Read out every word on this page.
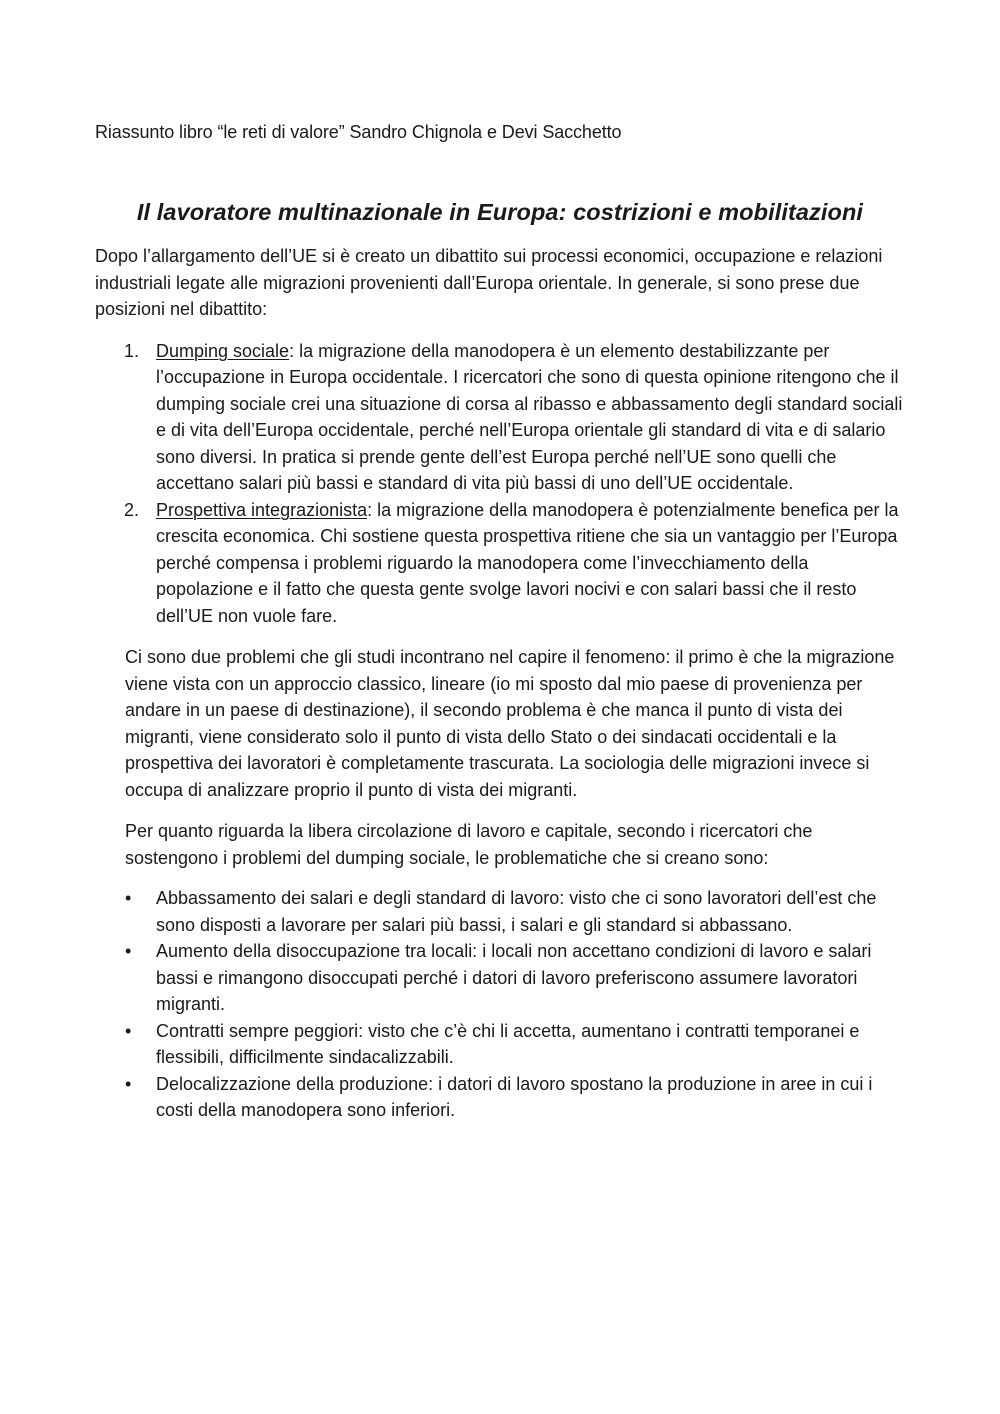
Riassunto libro “le reti di valore” Sandro Chignola e Devi Sacchetto
Il lavoratore multinazionale in Europa: costrizioni e mobilitazioni

Dopo l’allargamento dell’UE si è creato un dibattito sui processi economici, occupazione e relazioni industriali legate alle migrazioni provenienti dall’Europa orientale. In generale, si sono prese due posizioni nel dibattito:

1. Dumping sociale: la migrazione della manodopera è un elemento destabilizzante per l’occupazione in Europa occidentale. I ricercatori che sono di questa opinione ritengono che il dumping sociale crei una situazione di corsa al ribasso e abbassamento degli standard sociali e di vita dell’Europa occidentale, perché nell’Europa orientale gli standard di vita e di salario sono diversi. In pratica si prende gente dell’est Europa perché nell’UE sono quelli che accettano salari più bassi e standard di vita più bassi di uno dell’UE occidentale.
2. Prospettiva integrazionista: la migrazione della manodopera è potenzialmente benefica per la crescita economica. Chi sostiene questa prospettiva ritiene che sia un vantaggio per l’Europa perché compensa i problemi riguardo la manodopera come l’invecchiamento della popolazione e il fatto che questa gente svolge lavori nocivi e con salari bassi che il resto dell’UE non vuole fare.

Ci sono due problemi che gli studi incontrano nel capire il fenomeno: il primo è che la migrazione viene vista con un approccio classico, lineare (io mi sposto dal mio paese di provenienza per andare in un paese di destinazione), il secondo problema è che manca il punto di vista dei migranti, viene considerato solo il punto di vista dello Stato o dei sindacati occidentali e la prospettiva dei lavoratori è completamente trascurata. La sociologia delle migrazioni invece si occupa di analizzare proprio il punto di vista dei migranti.

Per quanto riguarda la libera circolazione di lavoro e capitale, secondo i ricercatori che sostengono i problemi del dumping sociale, le problematiche che si creano sono:

• Abbassamento dei salari e degli standard di lavoro: visto che ci sono lavoratori dell’est che sono disposti a lavorare per salari più bassi, i salari e gli standard si abbassano.
• Aumento della disoccupazione tra locali: i locali non accettano condizioni di lavoro e salari bassi e rimangono disoccupati perché i datori di lavoro preferiscono assumere lavoratori migranti.
• Contratti sempre peggiori: visto che c’è chi li accetta, aumentano i contratti temporanei e flessibili, difficilmente sindacalizzabili.
• Delocalizzazione della produzione: i datori di lavoro spostano la produzione in aree in cui i costi della manodopera sono inferiori.
